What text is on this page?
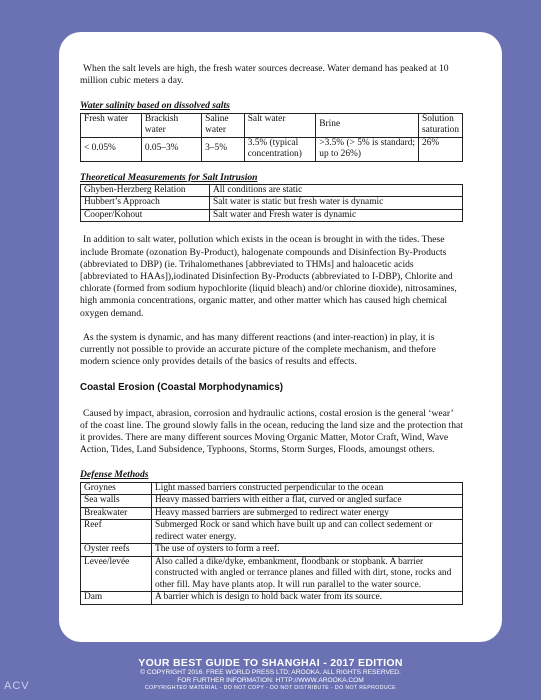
When the salt levels are high, the fresh water sources decrease. Water demand has peaked at 10 million cubic meters a day.

Water salinity based on dissolved salts

Fresh water	Brackish water	Saline water	Salt water	Brine	Solution saturation
< 0.05%	0.05–3%	3–5%	3.5% (typical concentration)	>3.5% (> 5% is standard; up to 26%)	26%

Theoretical Measurements for Salt Intrusion

Ghyben-Herzberg Relation	All conditions are static
Hubbert’s Approach	Salt water is static but fresh water is dynamic
Cooper/Kohout	Salt water and Fresh water is dynamic

In addition to salt water, pollution which exists in the ocean is brought in with the tides. These include Bromate (ozonation By-Product), halogenate compounds and Disinfection By-Products (abbreviated to DBP) (ie. Trihalomethanes [abbreviated to THMs] and haloacetic acids [abbreviated to HAAs]),iodinated Disinfection By-Products (abbreviated to I-DBP), Chlorite and chlorate (formed from sodium hypochlorite (liquid bleach) and/or chlorine dioxide), nitrosamines, high ammonia concentrations, organic matter, and other matter which has caused high chemical oxygen demand.

As the system is dynamic, and has many different reactions (and inter-reaction) in play, it is currently not possible to provide an accurate picture of the complete mechanism, and thefore modern science only provides details of the basics of results and effects.

Coastal Erosion (Coastal Morphodynamics)

Caused by impact, abrasion, corrosion and hydraulic actions, costal erosion is the general ‘wear’ of the coast line. The ground slowly falls in the ocean, reducing the land size and the protection that it provides. There are many different sources Moving Organic Matter, Motor Craft, Wind, Wave Action, Tides, Land Subsidence, Typhoons, Storms, Storm Surges, Floods, amoungst others.

Defense Methods

Groynes	Light massed barriers constructed perpendicular to the ocean
Sea walls	Heavy massed barriers with either a flat, curved or angled surface
Breakwater	Heavy massed barriers are submerged to redirect water energy
Reef	Submerged Rock or sand which have built up and can collect sedement or redirect water energy.
Oyster reefs	The use of oysters to form a reef.
Levee/levée	Also called a dike/dyke, embankment, floodbank or stopbank. A barrier constructed with angled or terrance planes and filled with dirt, stone, rocks and other fill. May have plants atop. It will run parallel to the water source.
Dam	A barrier which is design to hold back water from its source.
YOUR BEST GUIDE TO SHANGHAI - 2017 EDITION
© COPYRIGHT 2016. FREE WORLD PRESS LTD; AROOKA. ALL RIGHTS RESERVED.
FOR FURTHER INFORMATION: HTTP://WWW.AROOKA.COM
COPYRIGHTED MATERIAL - DO NOT COPY - DO NOT DISTRIBUTE - DO NOT REPRODUCE
ACV
